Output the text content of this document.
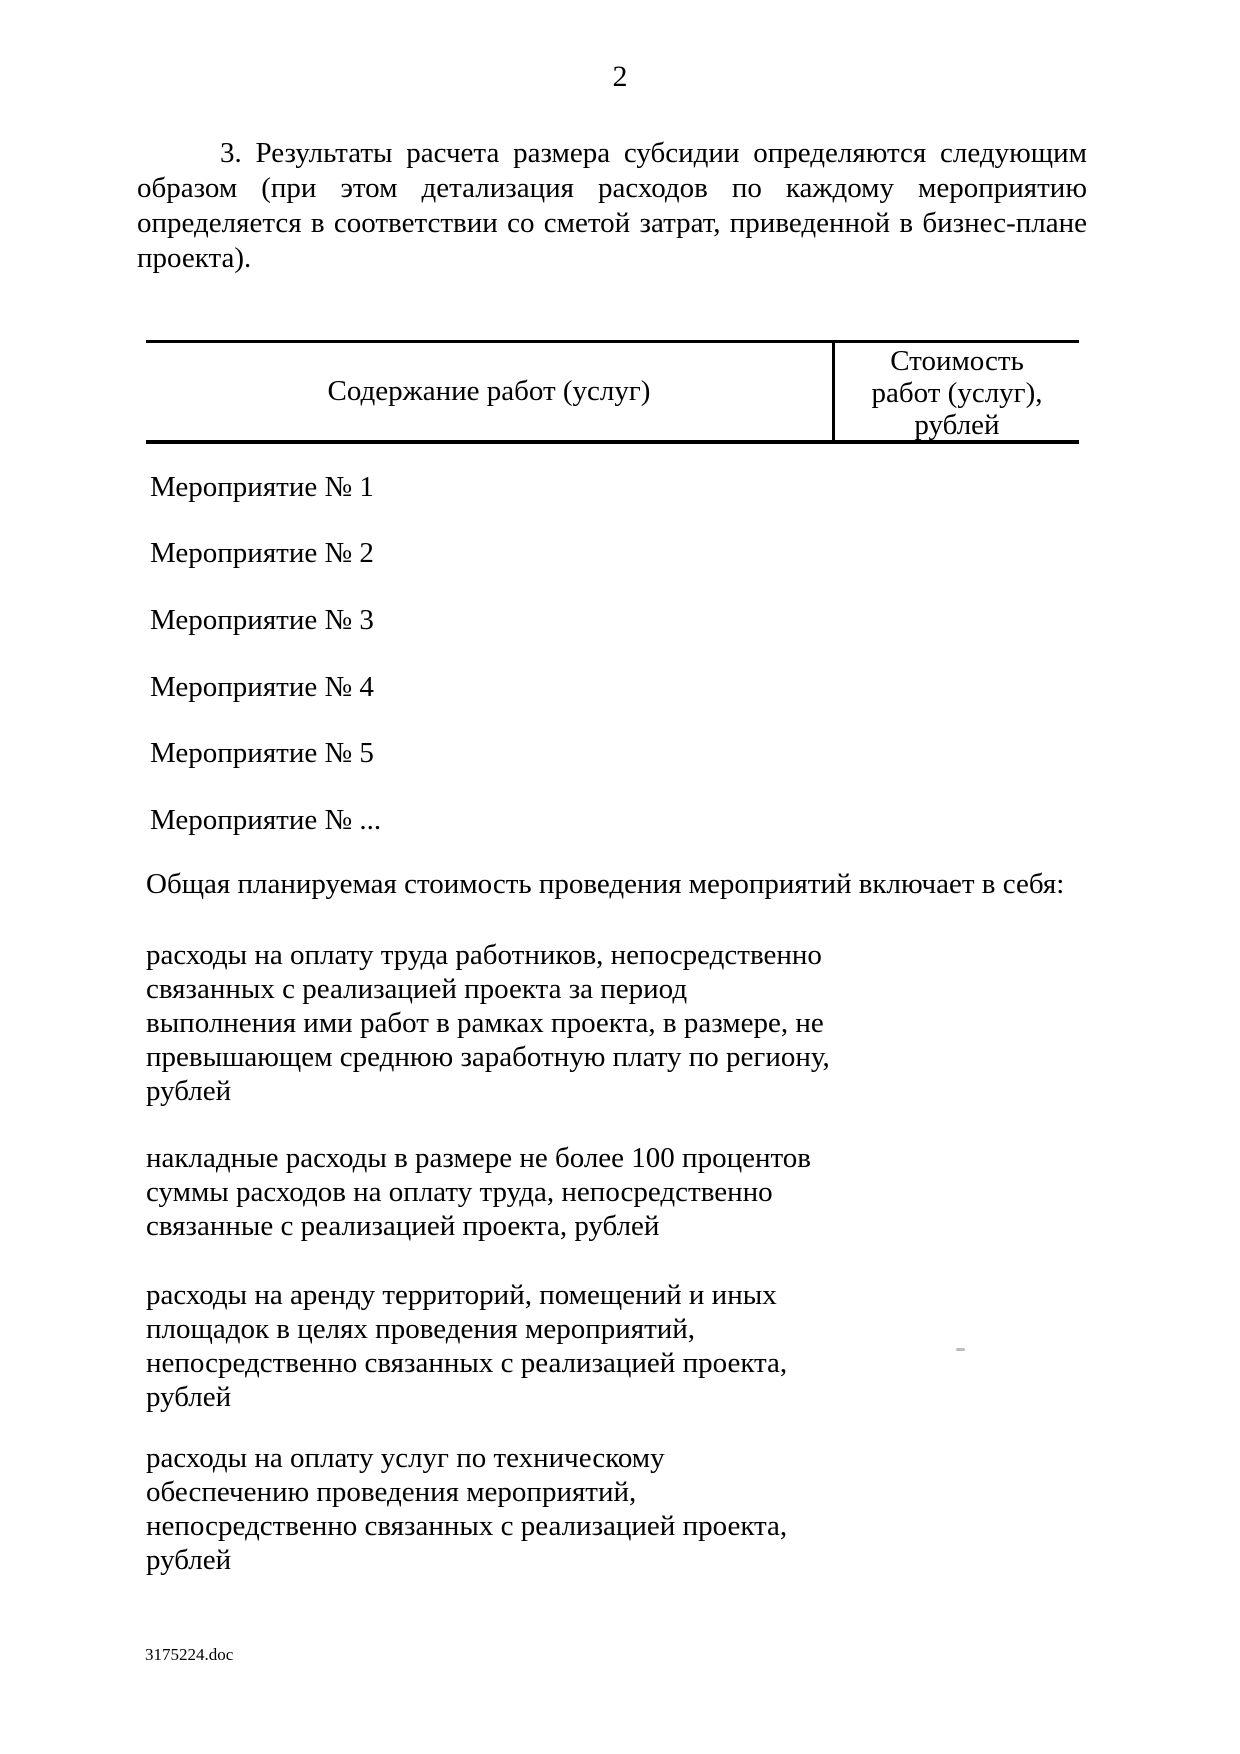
2
3. Результаты расчета размера субсидии определяются следующим
образом (при этом детализация расходов по каждому мероприятию
определяется в соответствии со сметой затрат, приведенной в бизнес-плане
проекта).
Содержание работ (услуг)
Стоимость
работ (услуг),
рублей
Мероприятие № 1
Мероприятие № 2
Мероприятие № 3
Мероприятие № 4
Мероприятие № 5
Мероприятие № ...
Общая планируемая стоимость проведения мероприятий включает в себя:
расходы на оплату труда работников, непосредственно
связанных с реализацией проекта за период
выполнения ими работ в рамках проекта, в размере, не
превышающем среднюю заработную плату по региону,
рублей
накладные расходы в размере не более 100 процентов
суммы расходов на оплату труда, непосредственно
связанные с реализацией проекта, рублей
расходы на аренду территорий, помещений и иных
площадок в целях проведения мероприятий,
непосредственно связанных с реализацией проекта,
рублей
расходы на оплату услуг по техническому
обеспечению проведения мероприятий,
непосредственно связанных с реализацией проекта,
рублей
3175224.doc
